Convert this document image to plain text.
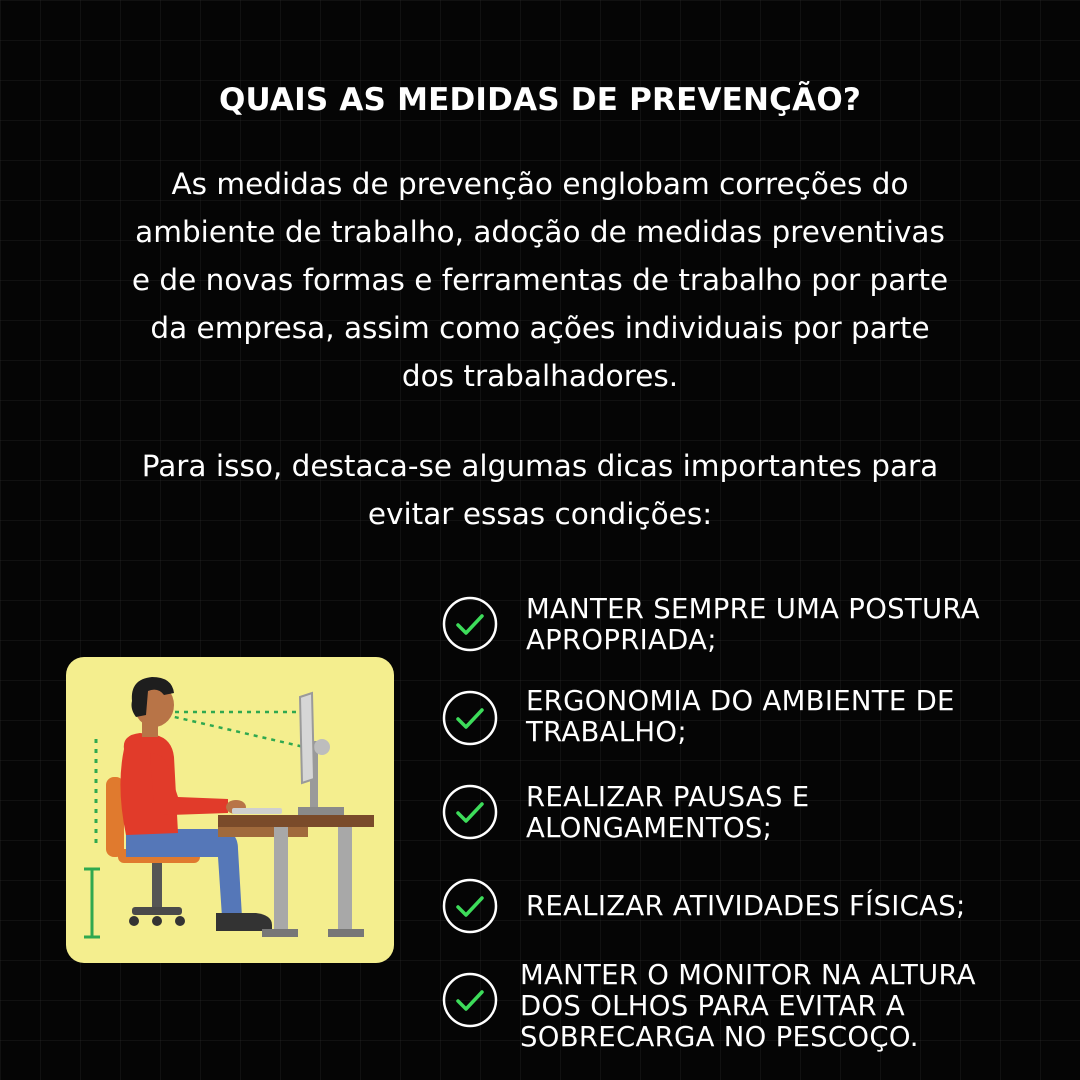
QUAIS AS MEDIDAS DE PREVENÇÃO?

As medidas de prevenção englobam correções do
ambiente de trabalho, adoção de medidas preventivas
e de novas formas e ferramentas de trabalho por parte
da empresa, assim como ações individuais por parte
dos trabalhadores.

Para isso, destaca-se algumas dicas importantes para
evitar essas condições:

MANTER SEMPRE UMA POSTURA
APROPRIADA;
ERGONOMIA DO AMBIENTE DE
TRABALHO;
REALIZAR PAUSAS E
ALONGAMENTOS;
REALIZAR ATIVIDADES FÍSICAS;
MANTER O MONITOR NA ALTURA
DOS OLHOS PARA EVITAR A
SOBRECARGA NO PESCOÇO.
